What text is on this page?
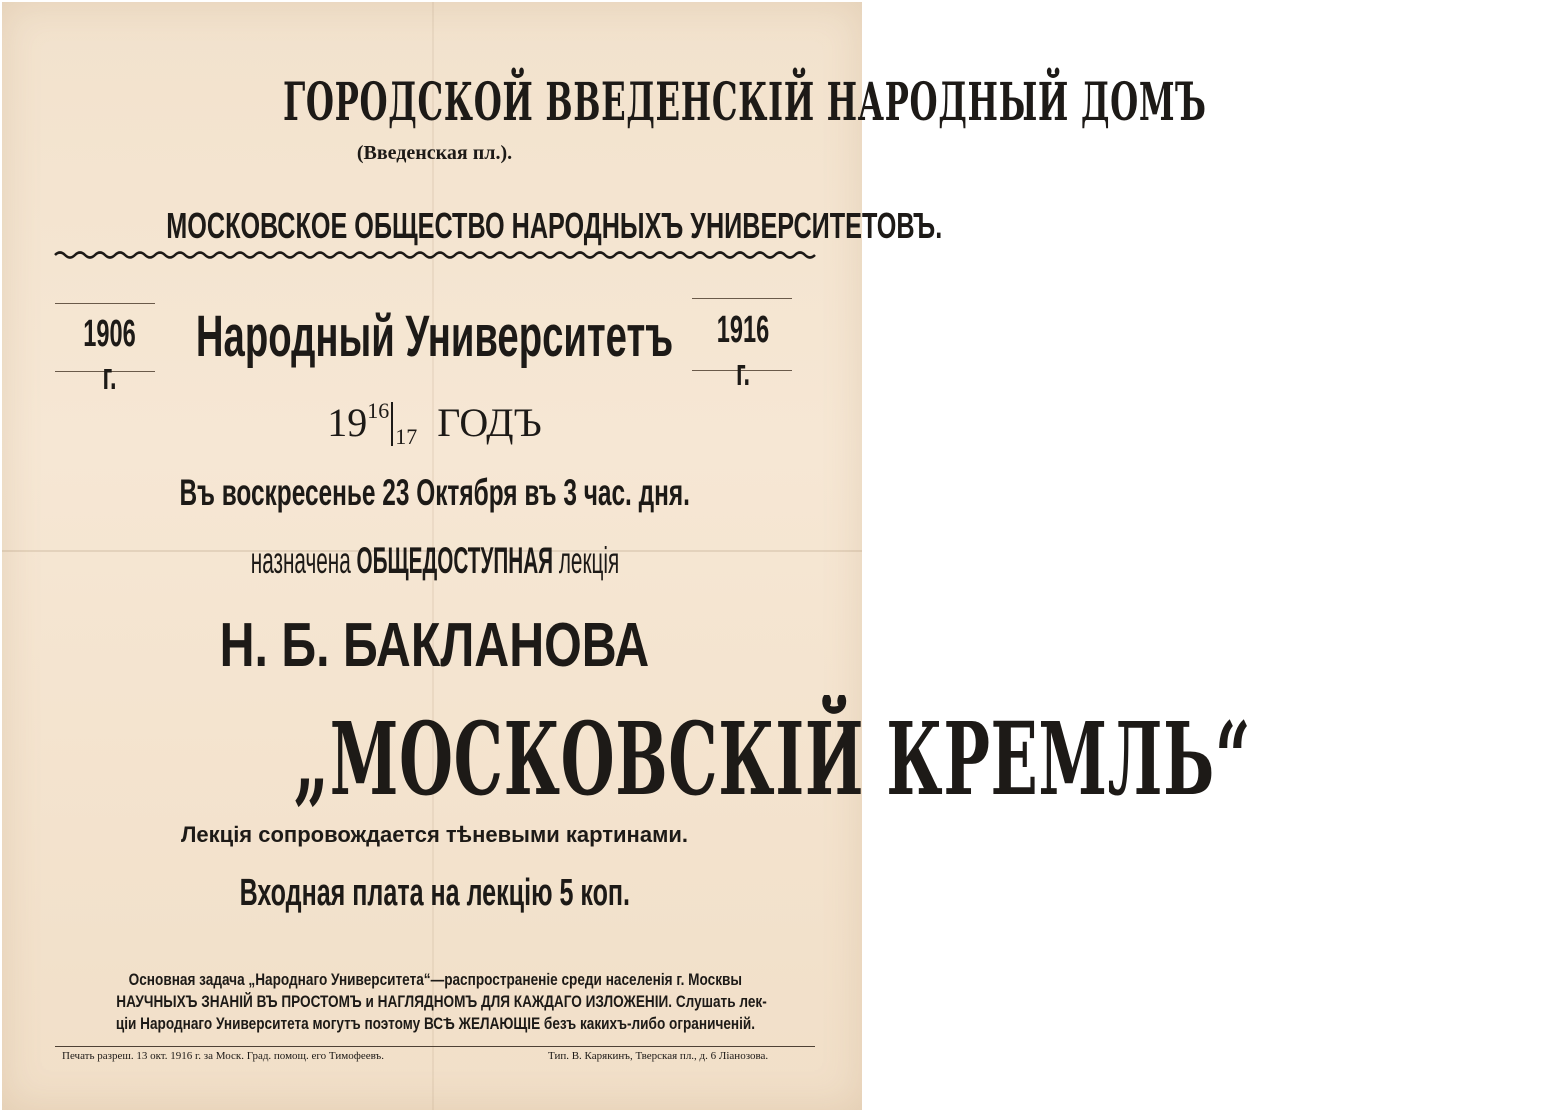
ГОРОДСКОЙ ВВЕДЕНСКІЙ НАРОДНЫЙ ДОМЪ
(Введенская пл.).
МОСКОВСКОЕ ОБЩЕСТВО НАРОДНЫХЪ УНИВЕРСИТЕТОВЪ.
1906 г.
Народный Университетъ	1916 г.
$19^{16}_{17}$ ГОДЪ
Въ воскресенье 23 Октября въ 3 час. дня.
назначена ОБЩЕДОСТУПНАЯ лекція
Н. Б. БАКЛАНОВА
„МОСКОВСКІЙ КРЕМЛЬ“
Лекція сопровождается тѣневыми картинами.
Входная плата на лекцію 5 коп.
Основная задача „Народнаго Университета“—распространеніе среди населенія г. Москвы
НАУЧНЫХЪ ЗНАНІЙ ВЪ ПРОСТОМЪ и НАГЛЯДНОМЪ ДЛЯ КАЖДАГО ИЗЛОЖЕНІИ. Слушать лек-
ціи Народнаго Университета могутъ поэтому ВСѢ ЖЕЛАЮЩІЕ безъ какихъ-либо ограниченій.
Печать разреш. 13 окт. 1916 г. за Моск. Град. помощ. его Тимофеевъ.	Тип. В. Карякинъ, Тверская пл., д. 6 Ліанозова.
